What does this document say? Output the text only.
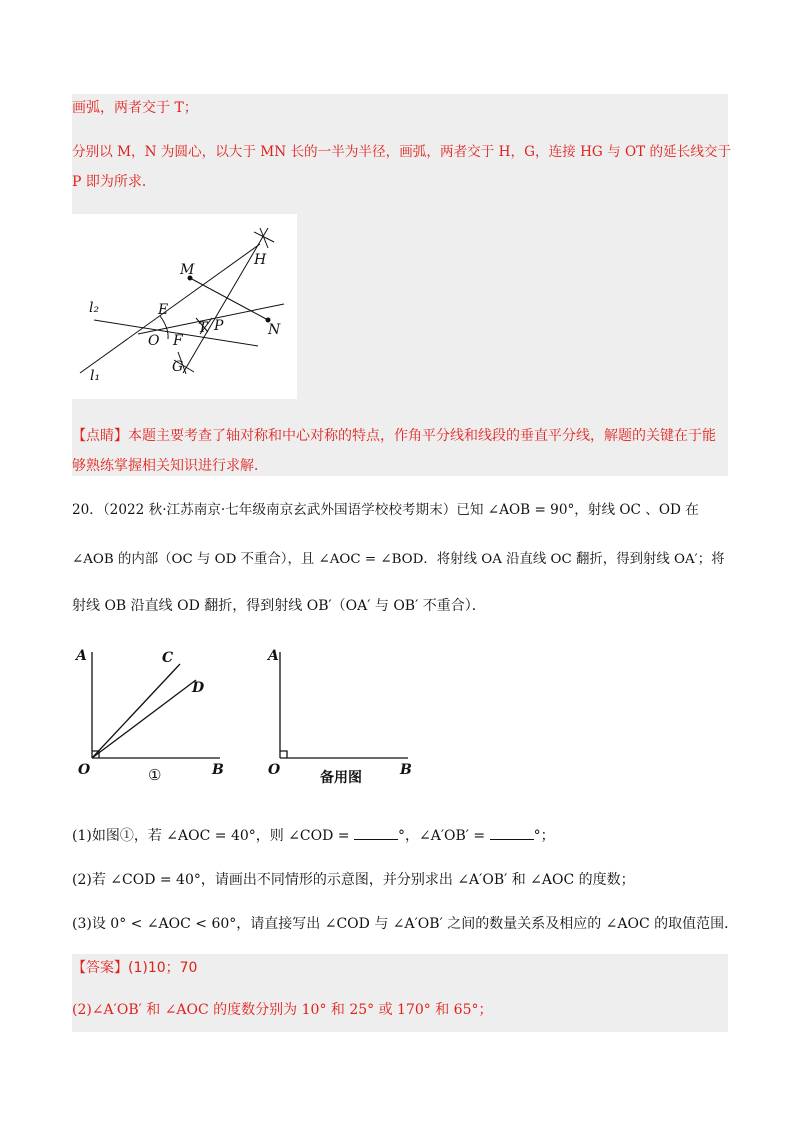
画弧，两者交于 T；
分别以 M，N 为圆心，以大于 MN 长的一半为半径，画弧，两者交于 H，G，连接 HG 与 OT 的延长线交于
P 即为所求．
l₂
l₁
M
H
E
T P	N
O F
G
【点睛】本题主要考查了轴对称和中心对称的特点，作角平分线和线段的垂直平分线，解题的关键在于能
够熟练掌握相关知识进行求解．
20．（2022 秋·江苏南京·七年级南京玄武外国语学校校考期末）已知 ∠AOB = 90°，射线 OC 、OD 在
∠AOB 的内部（OC 与 OD 不重合），且 ∠AOC = ∠BOD．将射线 OA 沿直线 OC 翻折，得到射线 OA′；将
射线 OB 沿直线 OD 翻折，得到射线 OB′（OA′ 与 OB′ 不重合）．
A	C
D
O	B
①
A
O	B
备用图
(1)如图①，若 ∠AOC = 40°，则 ∠COD =	°，∠A′OB′ =	°；
(2)若 ∠COD = 40°，请画出不同情形的示意图，并分别求出 ∠A′OB′ 和 ∠AOC 的度数；
(3)设 0° < ∠AOC < 60°，请直接写出 ∠COD 与 ∠A′OB′ 之间的数量关系及相应的 ∠AOC 的取值范围．
【答案】(1)10；70
(2)∠A′OB′ 和 ∠AOC 的度数分别为 10° 和 25° 或 170° 和 65°；
